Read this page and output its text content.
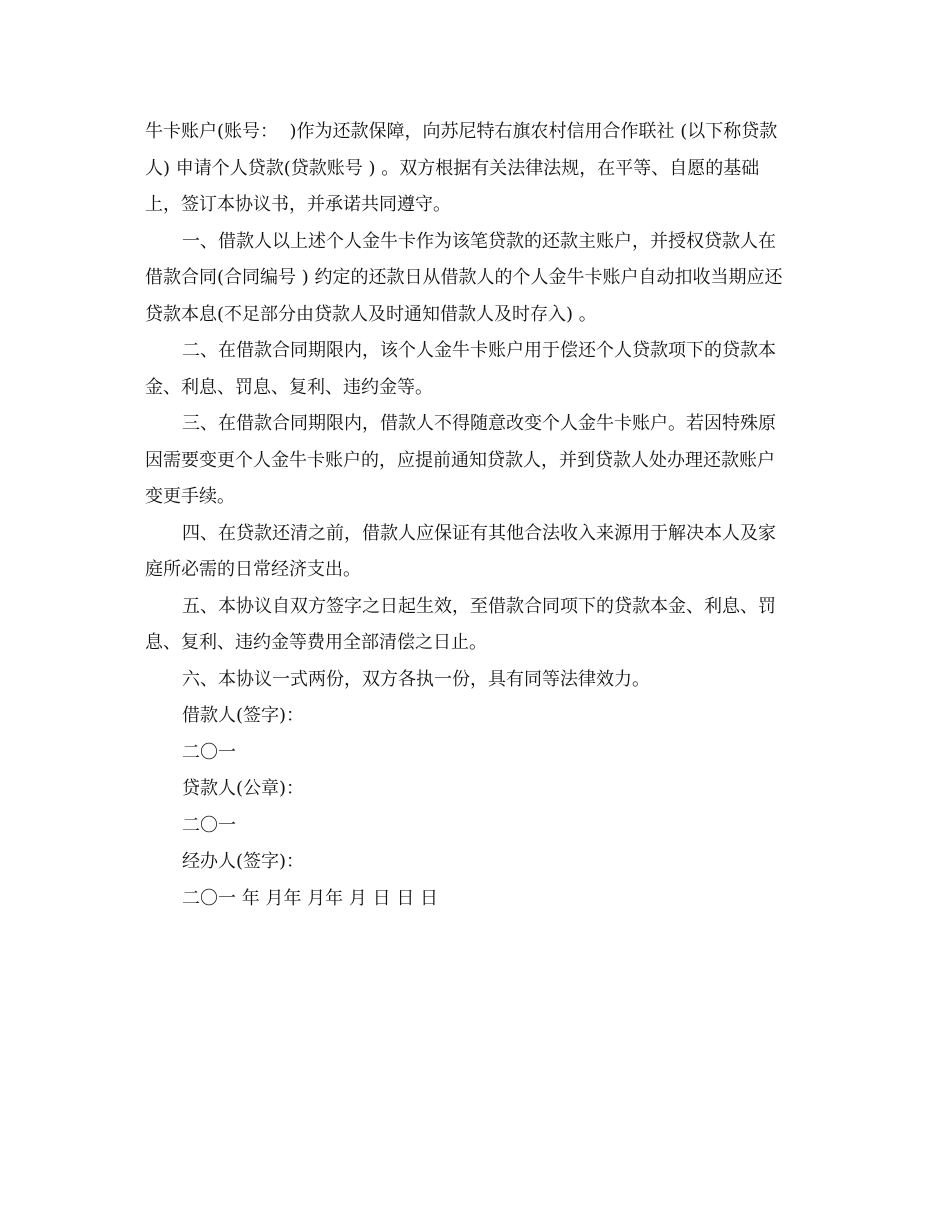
牛卡账户(账号：  )作为还款保障，向苏尼特右旗农村信用合作联社 (以下称贷款
人) 申请个人贷款(贷款账号 ) 。双方根据有关法律法规，在平等、自愿的基础
上，签订本协议书，并承诺共同遵守。
一、借款人以上述个人金牛卡作为该笔贷款的还款主账户，并授权贷款人在
借款合同(合同编号 ) 约定的还款日从借款人的个人金牛卡账户自动扣收当期应还
贷款本息(不足部分由贷款人及时通知借款人及时存入) 。
二、在借款合同期限内，该个人金牛卡账户用于偿还个人贷款项下的贷款本
金、利息、罚息、复利、违约金等。
三、在借款合同期限内，借款人不得随意改变个人金牛卡账户。若因特殊原
因需要变更个人金牛卡账户的，应提前通知贷款人，并到贷款人处办理还款账户
变更手续。
四、在贷款还清之前，借款人应保证有其他合法收入来源用于解决本人及家
庭所必需的日常经济支出。
五、本协议自双方签字之日起生效，至借款合同项下的贷款本金、利息、罚
息、复利、违约金等费用全部清偿之日止。
六、本协议一式两份，双方各执一份，具有同等法律效力。
借款人(签字)：
二〇一
贷款人(公章)：
二〇一
经办人(签字)：
二〇一 年 月年 月年 月 日 日 日
